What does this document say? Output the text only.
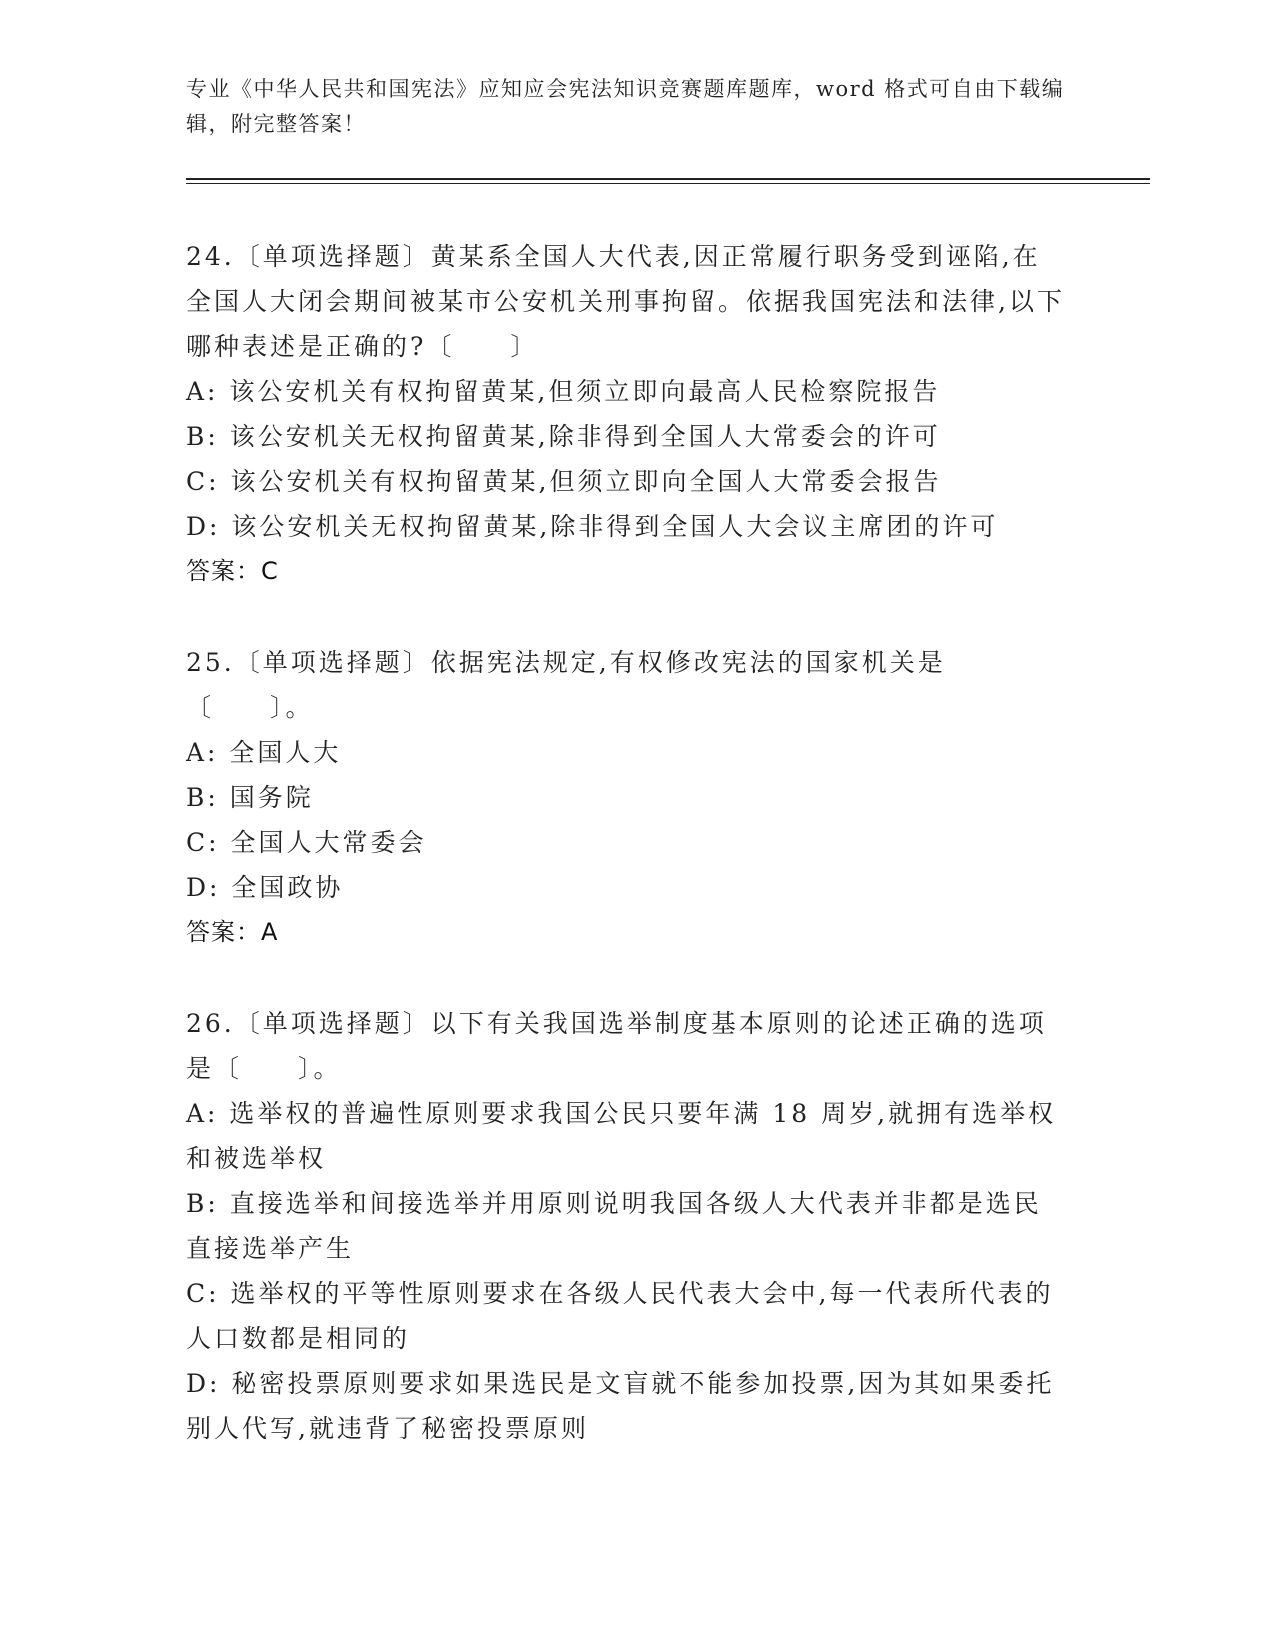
专业《中华人民共和国宪法》应知应会宪法知识竞赛题库题库，word 格式可自由下载编辑，附完整答案！

24.〔单项选择题〕黄某系全国人大代表,因正常履行职务受到诬陷,在全国人大闭会期间被某市公安机关刑事拘留。依据我国宪法和法律,以下哪种表述是正确的?〔　　〕

A: 该公安机关有权拘留黄某,但须立即向最高人民检察院报告

B: 该公安机关无权拘留黄某,除非得到全国人大常委会的许可

C: 该公安机关有权拘留黄某,但须立即向全国人大常委会报告

D: 该公安机关无权拘留黄某,除非得到全国人大会议主席团的许可

答案：C

25.〔单项选择题〕依据宪法规定,有权修改宪法的国家机关是〔　　〕。

A: 全国人大

B: 国务院

C: 全国人大常委会

D: 全国政协

答案：A

26.〔单项选择题〕以下有关我国选举制度基本原则的论述正确的选项是〔　　〕。

A: 选举权的普遍性原则要求我国公民只要年满 18 周岁,就拥有选举权和被选举权

B: 直接选举和间接选举并用原则说明我国各级人大代表并非都是选民直接选举产生

C: 选举权的平等性原则要求在各级人民代表大会中,每一代表所代表的人口数都是相同的

D: 秘密投票原则要求如果选民是文盲就不能参加投票,因为其如果委托别人代写,就违背了秘密投票原则
